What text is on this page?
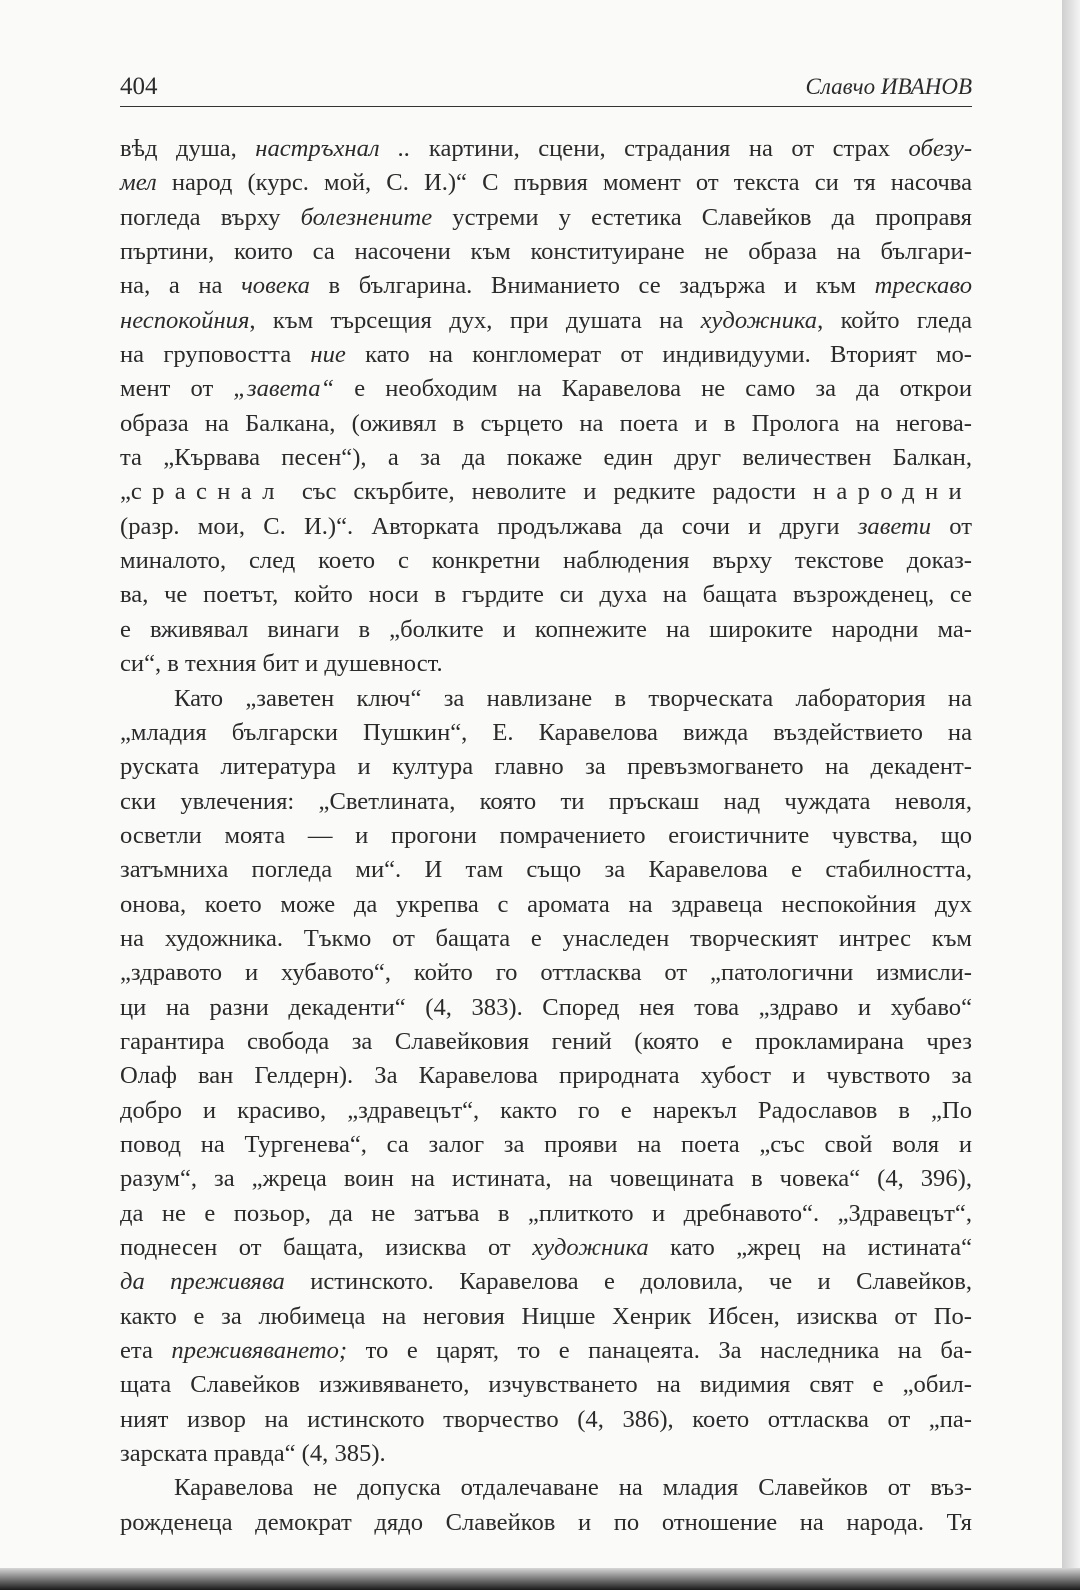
404	Славчо ИВАНОВ
вѣд душа, настръхнал .. картини, сцени, страдания на от страх обезу-
мел народ (курс. мой, С. И.)“ С първия момент от текста си тя насочва
погледа върху болезнените устреми у естетика Славейков да проправя
пъртини, които са насочени към конституиране не образа на българи-
на, а на човека в българина. Вниманието се задържа и към трескаво
неспокойния, към търсещия дух, при душата на художника, който гледа
на груповостта ние като на конгломерат от индивидууми. Вторият мо-
мент от „завета“ е необходим на Каравелова не само за да открои
образа на Балкана, (оживял в сърцето на поета и в Пролога на негова-
та „Кървава песен“), а за да покаже един друг величествен Балкан,
„сраснал със скърбите, неволите и редките радости народни
(разр. мои, С. И.)“. Авторката продължава да сочи и други завети от
миналото, след което с конкретни наблюдения върху текстове доказ-
ва, че поетът, който носи в гърдите си духа на бащата възрожденец, се
е вживявал винаги в „болките и копнежите на широките народни ма-
си“, в техния бит и душевност.
Като „заветен ключ“ за навлизане в творческата лаборатория на
„младия български Пушкин“, Е. Каравелова вижда въздействието на
руската литература и култура главно за превъзмогването на декадент-
ски увлечения: „Светлината, която ти пръскаш над чуждата неволя,
осветли моята — и прогони помрачението егоистичните чувства, що
затъмниха погледа ми“. И там също за Каравелова е стабилността,
онова, което може да укрепва с аромата на здравеца неспокойния дух
на художника. Тъкмо от бащата е унаследен творческият интрес към
„здравото и хубавото“, който го оттласква от „патологични измисли-
ци на разни декаденти“ (4, 383). Според нея това „здраво и хубаво“
гарантира свобода за Славейковия гений (която е прокламирана чрез
Олаф ван Гелдерн). За Каравелова природната хубост и чувството за
добро и красиво, „здравецът“, както го е нарекъл Радославов в „По
повод на Тургенева“, са залог за прояви на поета „със свой воля и
разум“, за „жреца воин на истината, на човещината в човека“ (4, 396),
да не е позьор, да не затъва в „плиткото и дребнавото“. „Здравецът“,
поднесен от бащата, изисква от художника като „жрец на истината“
да преживява истинското. Каравелова е доловила, че и Славейков,
както е за любимеца на неговия Ницше Хенрик Ибсен, изисква от По-
ета преживяването; то е царят, то е панацеята. За наследника на ба-
щата Славейков изживяването, изчувстването на видимия свят е „обил-
ният извор на истинското творчество (4, 386), което оттласква от „па-
зарската правда“ (4, 385).
Каравелова не допуска отдалечаване на младия Славейков от въз-
рожденеца демократ дядо Славейков и по отношение на народа. Тя
